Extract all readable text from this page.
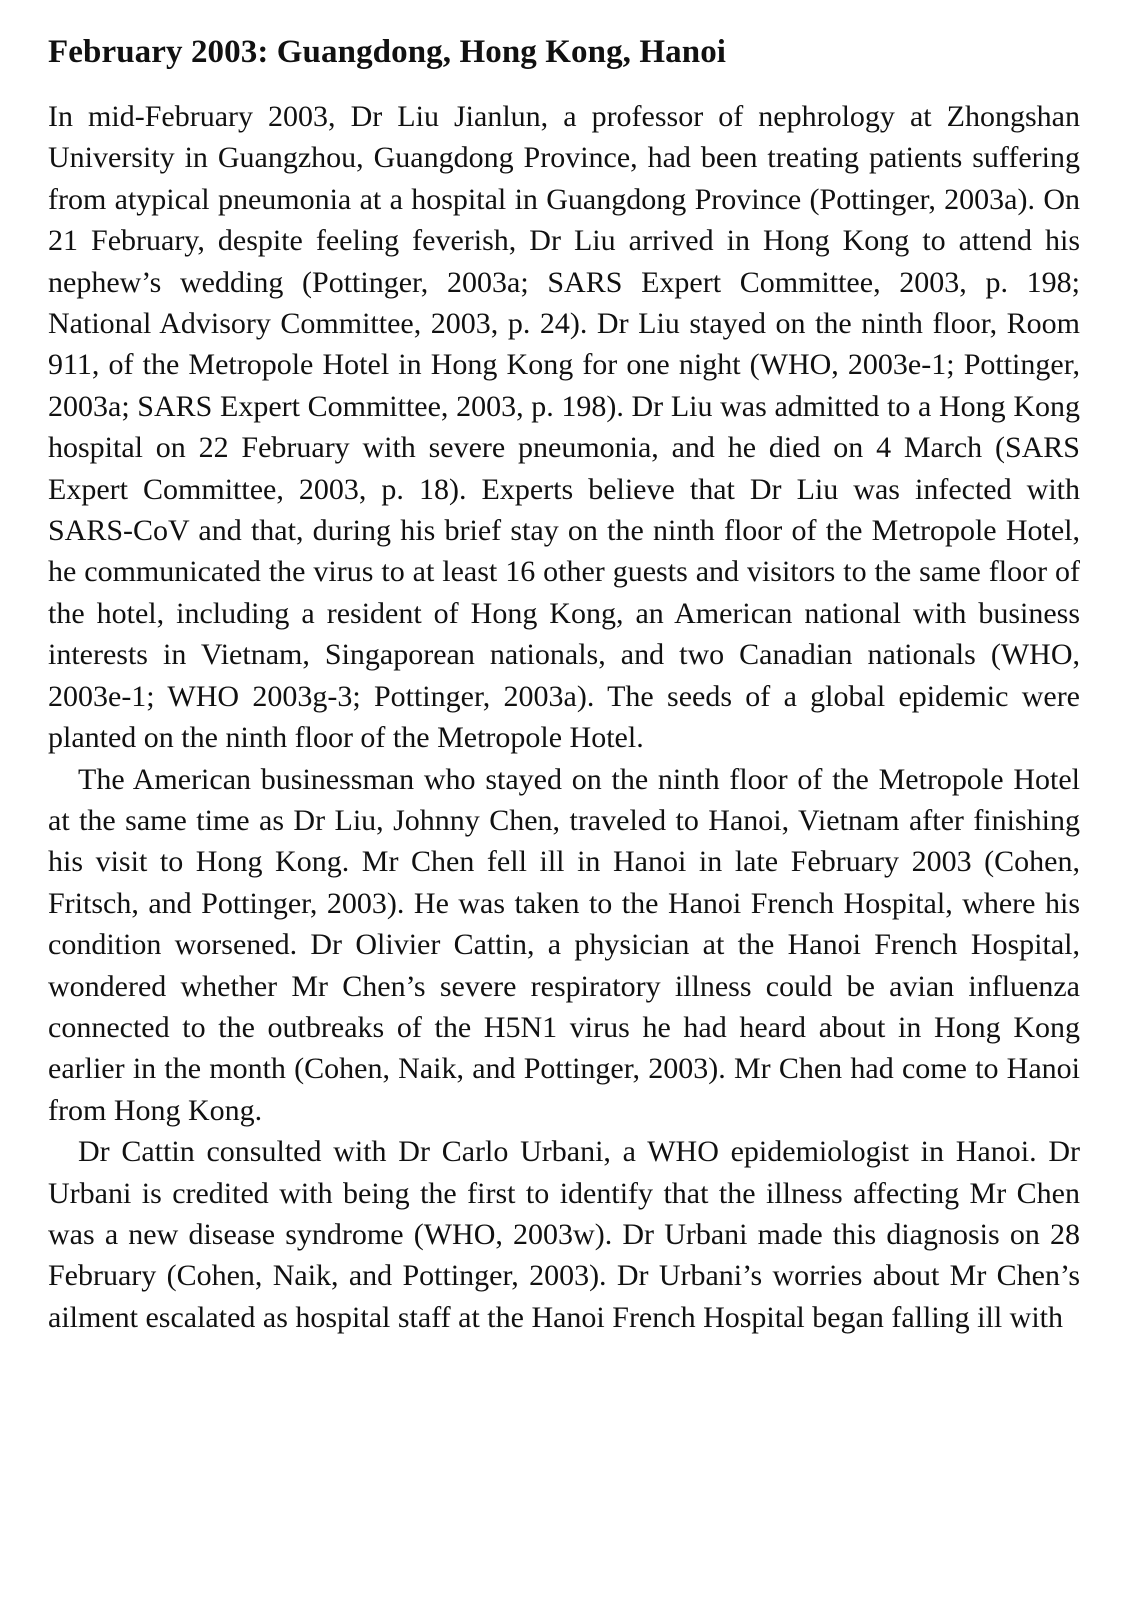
February 2003: Guangdong, Hong Kong, Hanoi

In mid-February 2003, Dr Liu Jianlun, a professor of nephrology at Zhongshan University in Guangzhou, Guangdong Province, had been treating patients suffering from atypical pneumonia at a hospital in Guangdong Province (Pottinger, 2003a). On 21 February, despite feeling feverish, Dr Liu arrived in Hong Kong to attend his nephew’s wedding (Pottinger, 2003a; SARS Expert Committee, 2003, p. 198; National Advisory Committee, 2003, p. 24). Dr Liu stayed on the ninth floor, Room 911, of the Metropole Hotel in Hong Kong for one night (WHO, 2003e-1; Pottinger, 2003a; SARS Expert Committee, 2003, p. 198). Dr Liu was admitted to a Hong Kong hospital on 22 February with severe pneumonia, and he died on 4 March (SARS Expert Committee, 2003, p. 18). Experts believe that Dr Liu was infected with SARS-CoV and that, during his brief stay on the ninth floor of the Metropole Hotel, he communicated the virus to at least 16 other guests and visitors to the same floor of the hotel, including a resident of Hong Kong, an American national with business interests in Vietnam, Singaporean nationals, and two Canadian nationals (WHO, 2003e-1; WHO 2003g-3; Pottinger, 2003a). The seeds of a global epidemic were planted on the ninth floor of the Metropole Hotel.

The American businessman who stayed on the ninth floor of the Metropole Hotel at the same time as Dr Liu, Johnny Chen, traveled to Hanoi, Vietnam after finishing his visit to Hong Kong. Mr Chen fell ill in Hanoi in late February 2003 (Cohen, Fritsch, and Pottinger, 2003). He was taken to the Hanoi French Hospital, where his condition worsened. Dr Olivier Cattin, a physician at the Hanoi French Hospital, wondered whether Mr Chen’s severe respiratory illness could be avian influenza connected to the outbreaks of the H5N1 virus he had heard about in Hong Kong earlier in the month (Cohen, Naik, and Pottinger, 2003). Mr Chen had come to Hanoi from Hong Kong.

Dr Cattin consulted with Dr Carlo Urbani, a WHO epidemiologist in Hanoi. Dr Urbani is credited with being the first to identify that the illness affecting Mr Chen was a new disease syndrome (WHO, 2003w). Dr Urbani made this diagnosis on 28 February (Cohen, Naik, and Pottinger, 2003). Dr Urbani’s worries about Mr Chen’s ailment escalated as hospital staff at the Hanoi French Hospital began falling ill with
